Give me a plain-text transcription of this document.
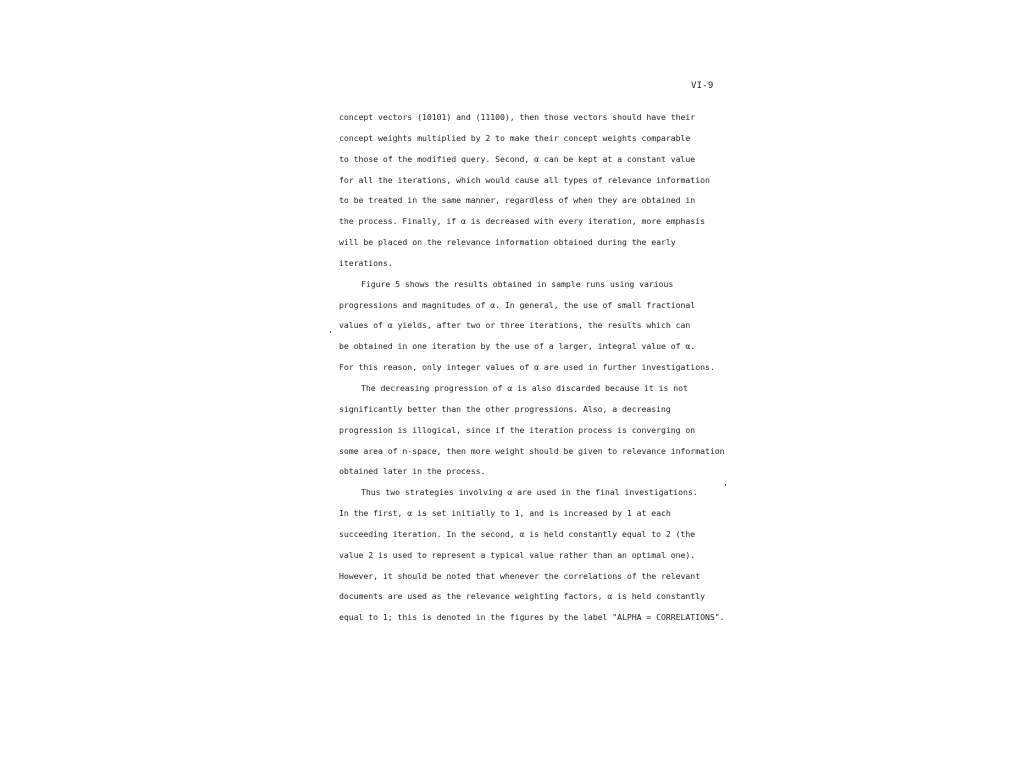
VI-9
concept vectors (10101) and (11100), then those vectors should have their
concept weights multiplied by 2 to make their concept weights comparable
to those of the modified query. Second, α can be kept at a constant value
for all the iterations, which would cause all types of relevance information
to be treated in the same manner, regardless of when they are obtained in
the process. Finally, if α is decreased with every iteration, more emphasis
will be placed on the relevance information obtained during the early
iterations.
Figure 5 shows the results obtained in sample runs using various
progressions and magnitudes of α. In general, the use of small fractional
values of α yields, after two or three iterations, the results which can
be obtained in one iteration by the use of a larger, integral value of α.
For this reason, only integer values of α are used in further investigations.
The decreasing progression of α is also discarded because it is not
significantly better than the other progressions. Also, a decreasing
progression is illogical, since if the iteration process is converging on
some area of n-space, then more weight should be given to relevance information
obtained later in the process.
Thus two strategies involving α are used in the final investigations.
In the first, α is set initially to 1, and is increased by 1 at each
succeeding iteration. In the second, α is held constantly equal to 2 (the
value 2 is used to represent a typical value rather than an optimal one).
However, it should be noted that whenever the correlations of the relevant
documents are used as the relevance weighting factors, α is held constantly
equal to 1; this is denoted in the figures by the label "ALPHA = CORRELATIONS".
